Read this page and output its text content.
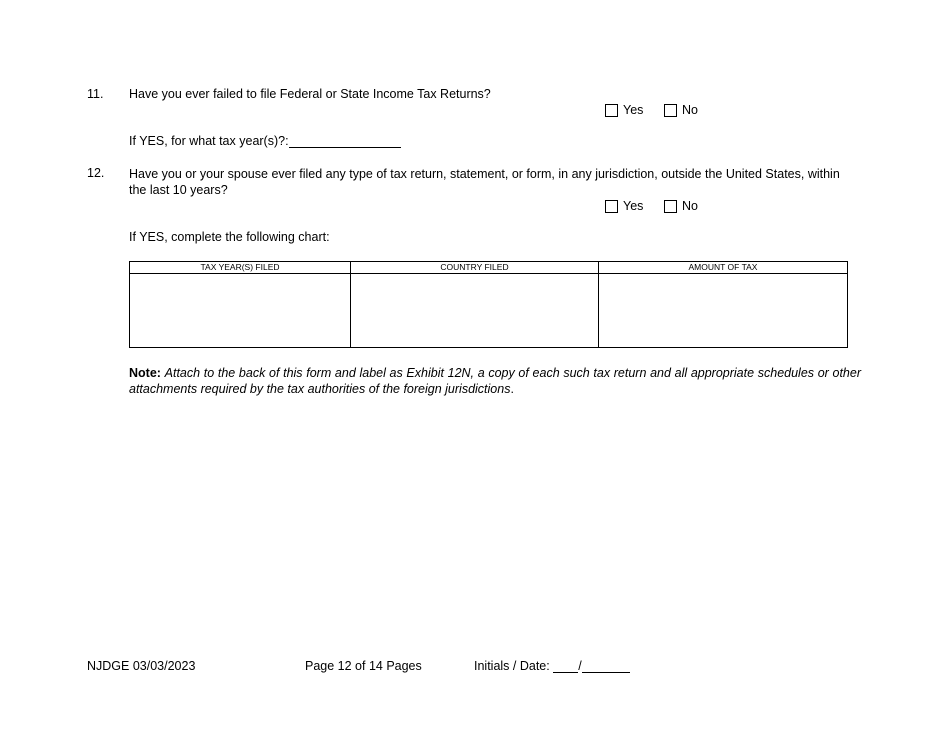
11. Have you ever failed to file Federal or State Income Tax Returns?
Yes	No
If YES, for what tax year(s)?:
12. Have you or your spouse ever filed any type of tax return, statement, or form, in any jurisdiction, outside the United States, within the last 10 years?
Yes	No
If YES, complete the following chart:
TAX YEAR(S) FILED	COUNTRY FILED	AMOUNT OF TAX

Note: Attach to the back of this form and label as Exhibit 12N, a copy of each such tax return and all appropriate schedules or other attachments required by the tax authorities of the foreign jurisdictions.
NJDGE 03/03/2023	Page 12 of 14 Pages	Initials / Date: /
